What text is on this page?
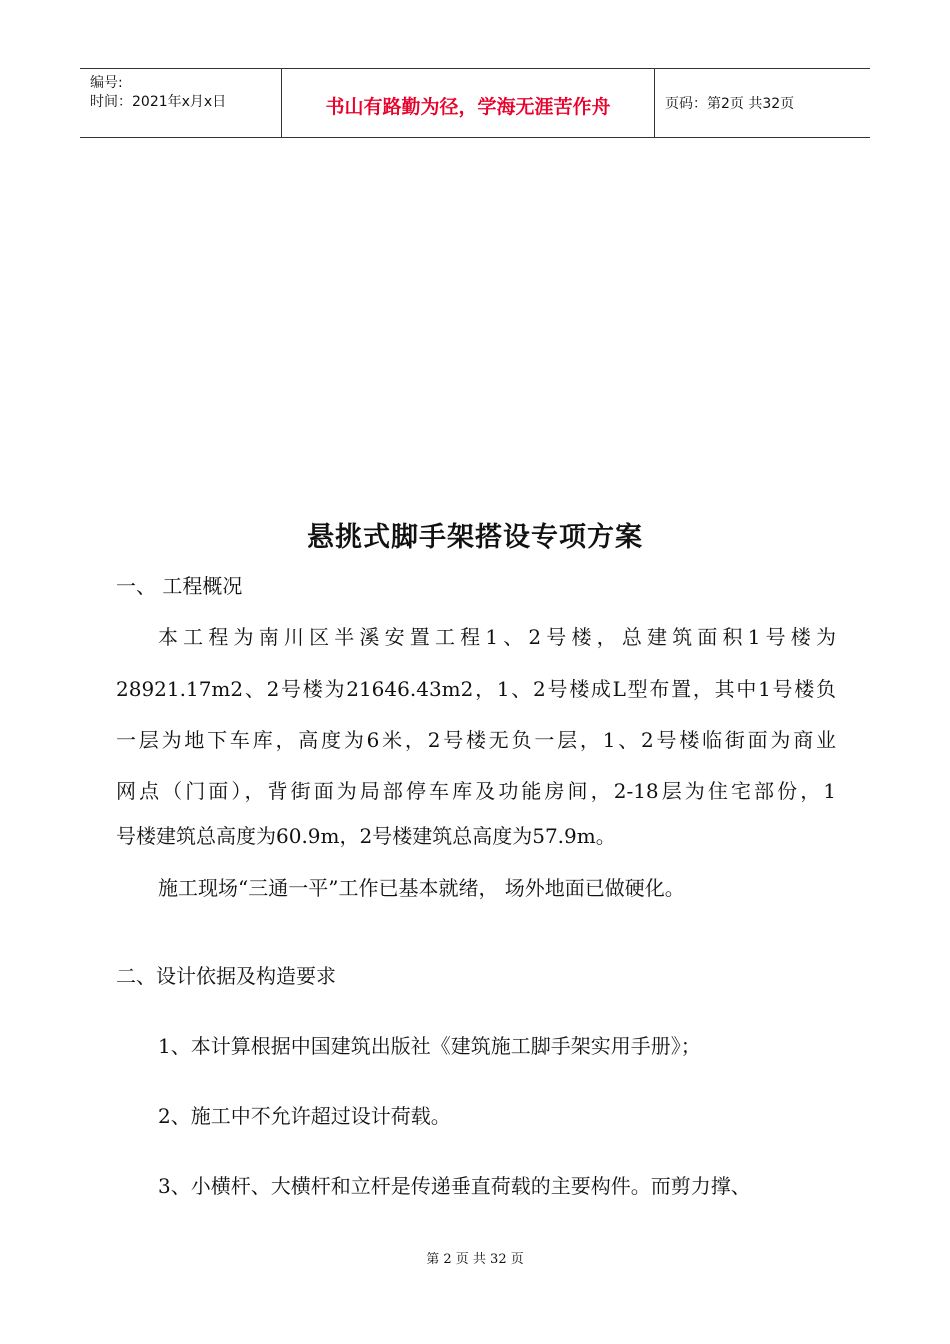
编号:
时间：2021年x月x日	书山有路勤为径，学海无涯苦作舟	页码：第2页 共32页
悬挑式脚手架搭设专项方案
一、 工程概况
本工程为南川区半溪安置工程1、2号楼，总建筑面积1号楼为
28921.17m2、2号楼为21646.43m2，1、2号楼成L型布置，其中1号楼负
一层为地下车库，高度为6米，2号楼无负一层，1、2号楼临街面为商业
网点（门面），背街面为局部停车库及功能房间，2-18层为住宅部份，1
号楼建筑总高度为60.9m，2号楼建筑总高度为57.9m。
施工现场“三通一平”工作已基本就绪， 场外地面已做硬化。
二、设计依据及构造要求
1、本计算根据中国建筑出版社《建筑施工脚手架实用手册》；
2、施工中不允许超过设计荷载。
3、小横杆、大横杆和立杆是传递垂直荷载的主要构件。而剪力撑、
第 2 页 共 32 页
